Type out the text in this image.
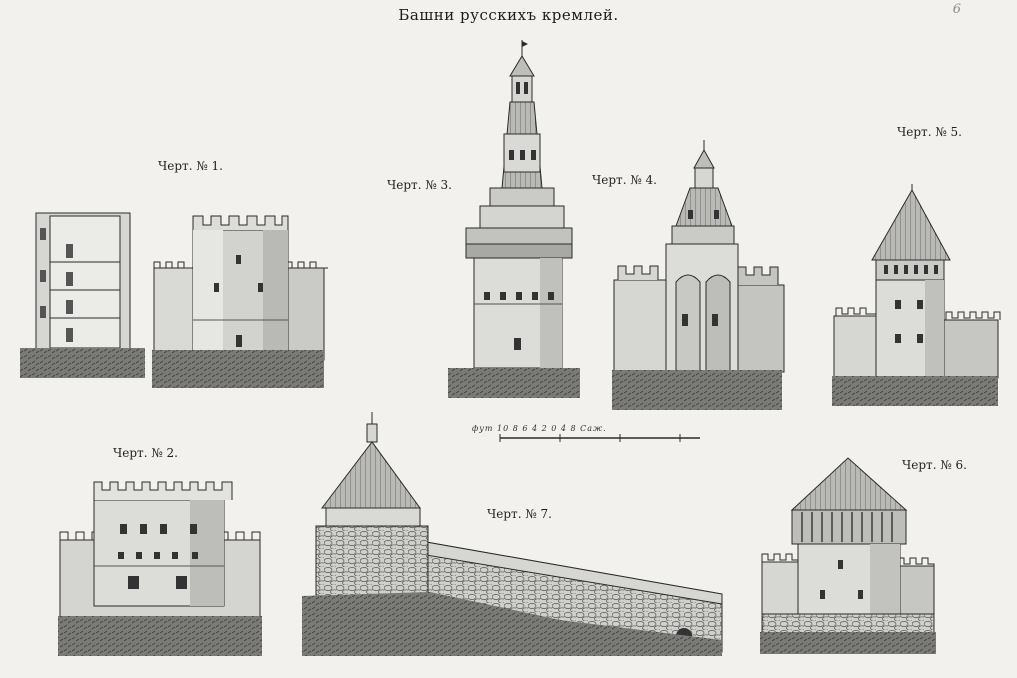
Башни русскихъ кремлей.	6
Черт. № 1.
Черт. № 2.
Черт. № 3.	Черт. № 4.
Черт. № 5.
Черт. № 6.
Черт. № 7.
фут 10 8 6 4 2 0 4 8 Саж.
